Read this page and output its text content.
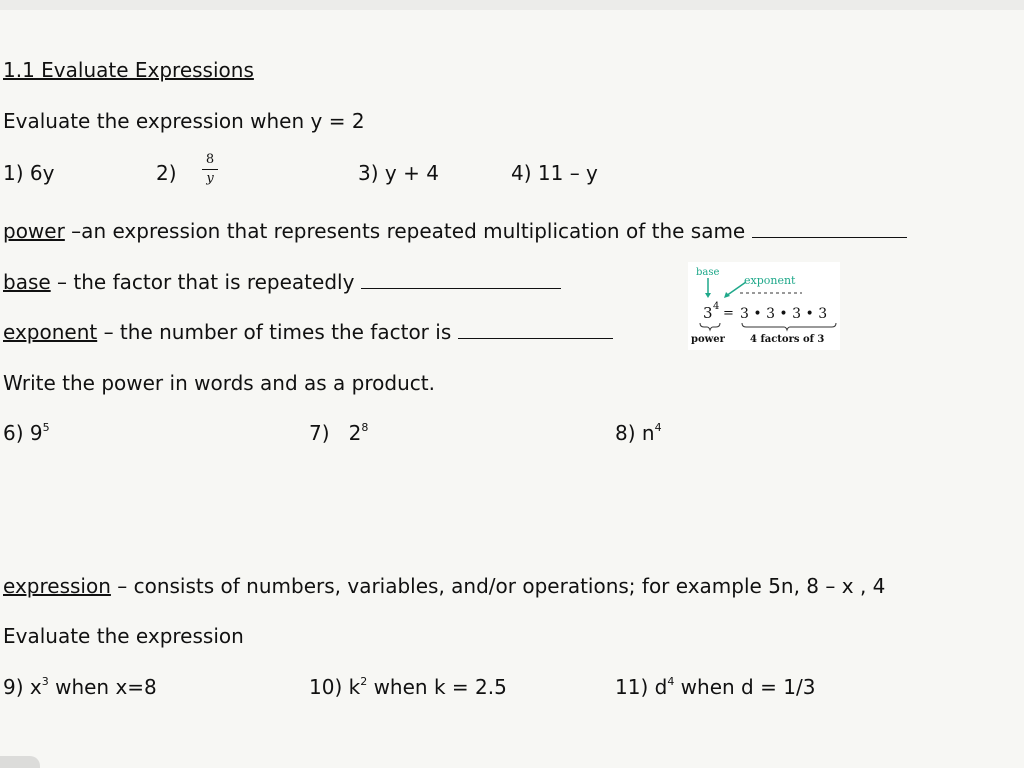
1.1 Evaluate Expressions
Evaluate the expression when y = 2
1) 6y	2)
8
y	3) y + 4	4) 11 – y
power –an expression that represents repeated multiplication of the same
base – the factor that is repeatedly
exponent – the number of times the factor is
base
exponent
3 4 = 3 • 3 • 3 • 3
power	4 factors of 3
Write the power in words and as a product.
6) $9^5$	7) $2^8$	8) $n^4$
expression – consists of numbers, variables, and/or operations; for example 5n, 8 – x , 4
Evaluate the expression
9) $x^3$ when x=8	10) $k^2$ when k = 2.5	11) $d^4$ when d = 1/3
